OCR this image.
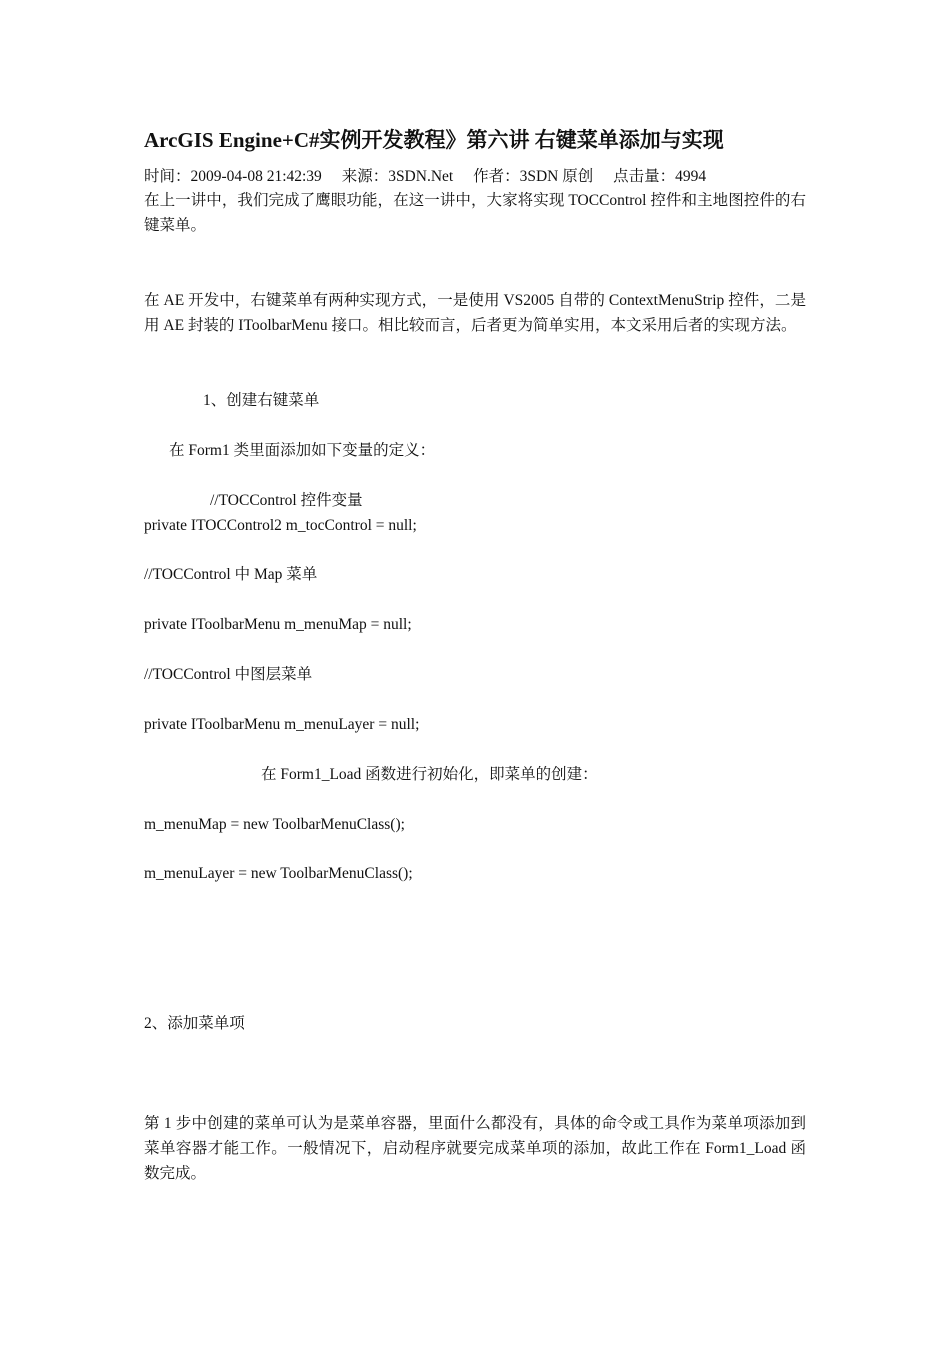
ArcGIS Engine+C#实例开发教程》第六讲 右键菜单添加与实现
时间：2009-04-08 21:42:39 来源：3SDN.Net 作者：3SDN 原创 点击量：4994
在上一讲中，我们完成了鹰眼功能，在这一讲中，大家将实现 TOCControl 控件和主地图控件的右键菜单。
在 AE 开发中，右键菜单有两种实现方式，一是使用 VS2005 自带的 ContextMenuStrip 控件，二是用 AE 封装的 IToolbarMenu 接口。相比较而言，后者更为简单实用，本文采用后者的实现方法。
1、创建右键菜单
在 Form1 类里面添加如下变量的定义：
//TOCControl 控件变量
private ITOCControl2 m_tocControl = null;
//TOCControl 中 Map 菜单
private IToolbarMenu m_menuMap = null;
//TOCControl 中图层菜单
private IToolbarMenu m_menuLayer = null;
在 Form1_Load 函数进行初始化，即菜单的创建：
m_menuMap = new ToolbarMenuClass();
m_menuLayer = new ToolbarMenuClass();
2、添加菜单项
第 1 步中创建的菜单可认为是菜单容器，里面什么都没有，具体的命令或工具作为菜单项添加到菜单容器才能工作。一般情况下，启动程序就要完成菜单项的添加，故此工作在 Form1_Load 函数完成。
